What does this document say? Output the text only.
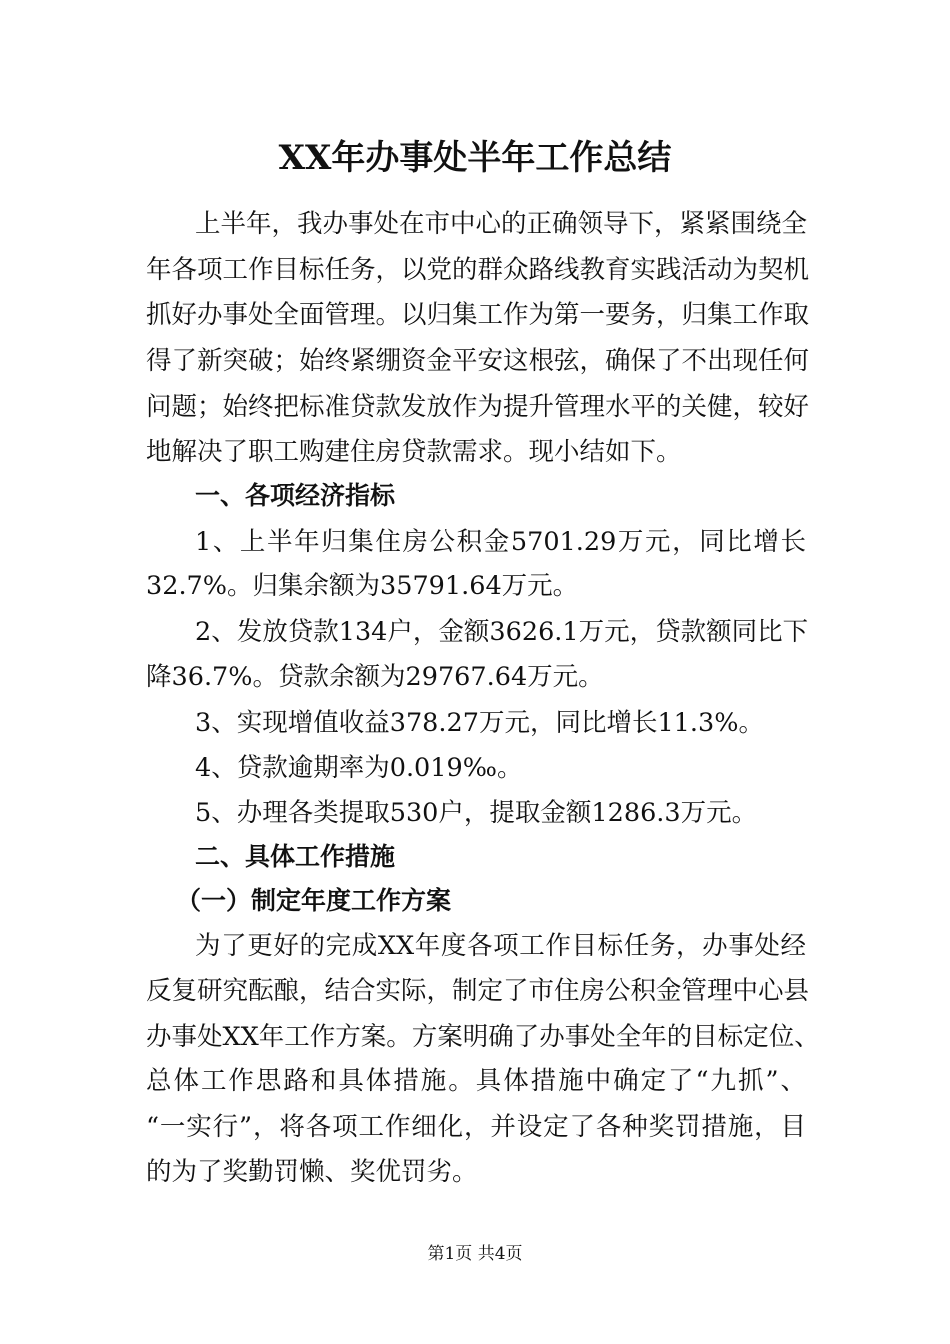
XX年办事处半年工作总结
上半年，我办事处在市中心的正确领导下，紧紧围绕全
年各项工作目标任务，以党的群众路线教育实践活动为契机
抓好办事处全面管理。以归集工作为第一要务，归集工作取
得了新突破；始终紧绷资金平安这根弦，确保了不出现任何
问题；始终把标准贷款发放作为提升管理水平的关健，较好
地解决了职工购建住房贷款需求。现小结如下。
一、各项经济指标
1、上半年归集住房公积金5701.29万元，同比增长
32.7%。归集余额为35791.64万元。
2、发放贷款134户，金额3626.1万元，贷款额同比下
降36.7%。贷款余额为29767.64万元。
3、实现增值收益378.27万元，同比增长11.3%。
4、贷款逾期率为0.019‰。
5、办理各类提取530户，提取金额1286.3万元。
二、具体工作措施
（一）制定年度工作方案
为了更好的完成XX年度各项工作目标任务，办事处经
反复研究酝酿，结合实际，制定了市住房公积金管理中心县
办事处XX年工作方案。方案明确了办事处全年的目标定位、
总体工作思路和具体措施。具体措施中确定了“九抓”、
“一实行”，将各项工作细化，并设定了各种奖罚措施，目
的为了奖勤罚懒、奖优罚劣。
第1页 共4页
